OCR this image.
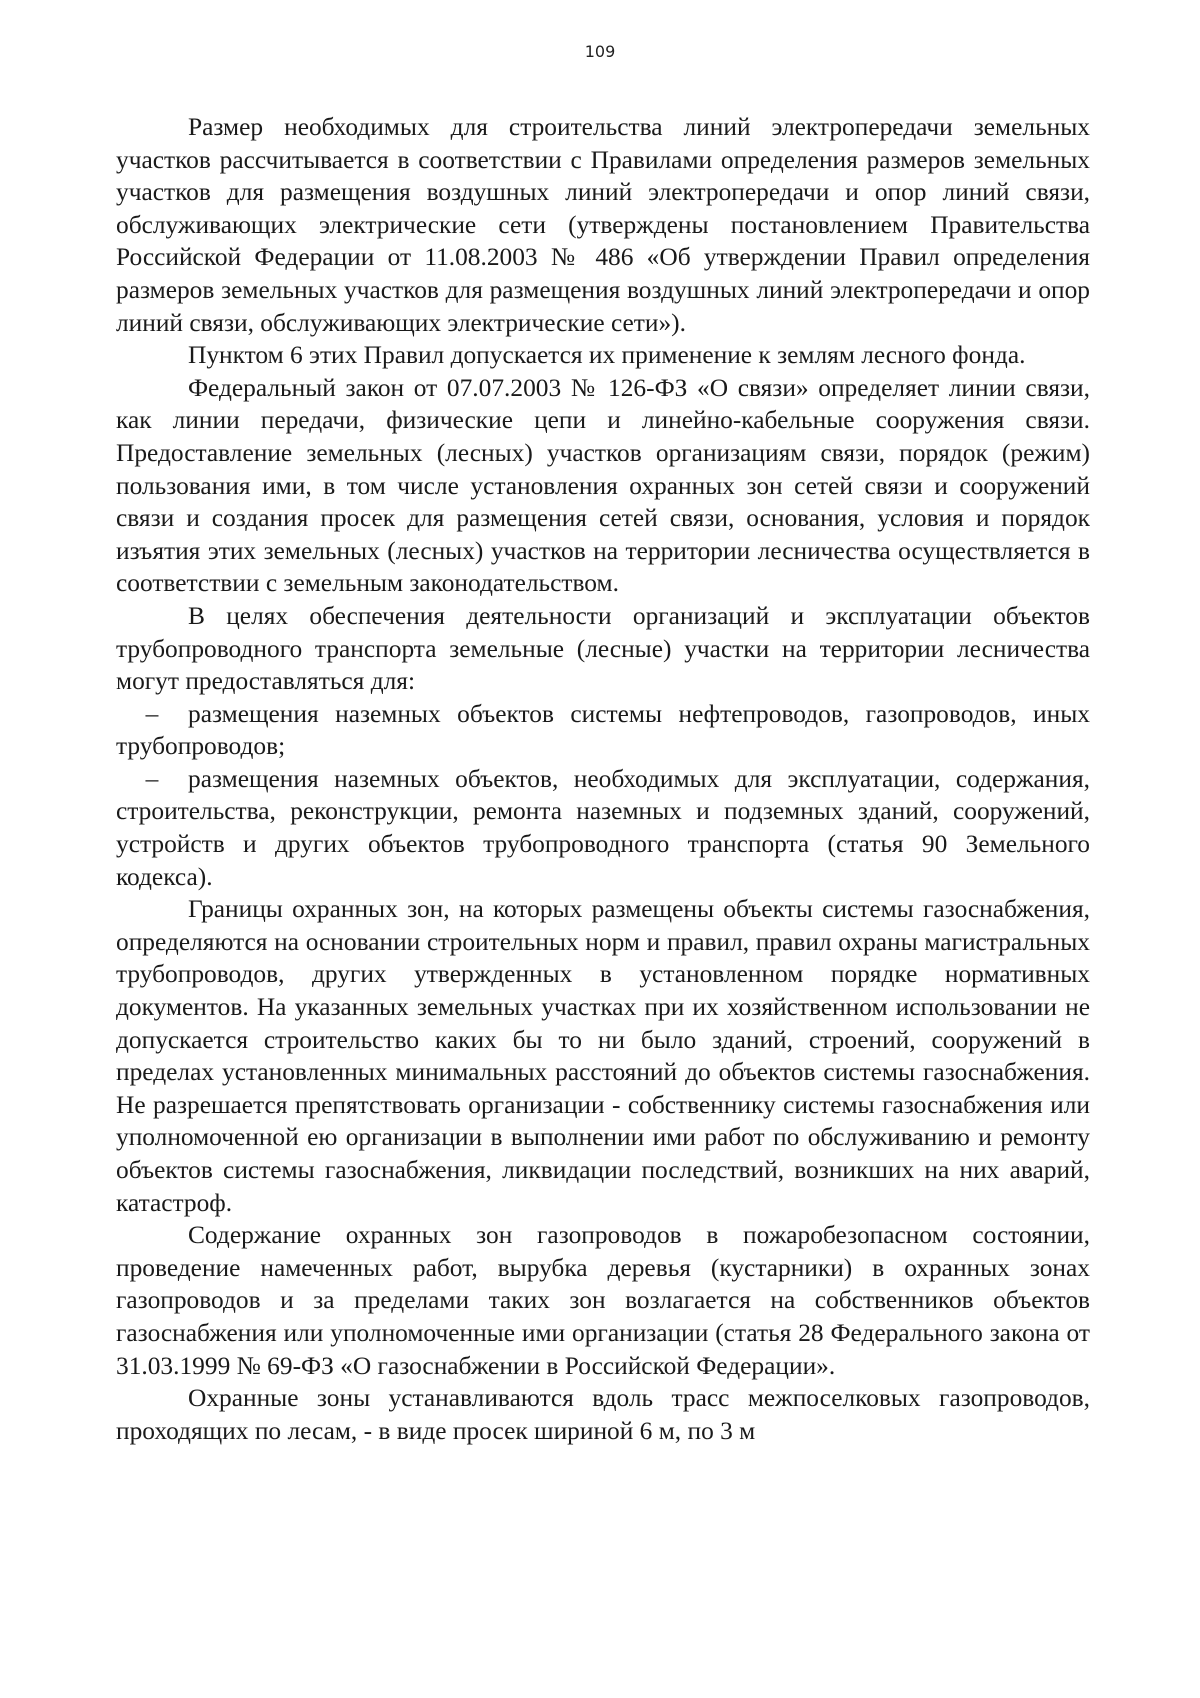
109

Размер необходимых для строительства линий электропередачи земельных участков рассчитывается в соответствии с Правилами определения размеров земельных участков для размещения воздушных линий электропередачи и опор линий связи, обслуживающих электрические сети (утверждены постановлением Правительства Российской Федерации от 11.08.2003 № 486 «Об утверждении Правил определения размеров земельных участков для размещения воздушных линий электропередачи и опор линий связи, обслуживающих электрические сети»).

Пунктом 6 этих Правил допускается их применение к землям лесного фонда.

Федеральный закон от 07.07.2003 № 126-ФЗ «О связи» определяет линии связи, как линии передачи, физические цепи и линейно-кабельные сооружения связи. Предоставление земельных (лесных) участков организациям связи, порядок (режим) пользования ими, в том числе установления охранных зон сетей связи и сооружений связи и создания просек для размещения сетей связи, основания, условия и порядок изъятия этих земельных (лесных) участков на территории лесничества осуществляется в соответствии с земельным законодательством.

В целях обеспечения деятельности организаций и эксплуатации объектов трубопроводного транспорта земельные (лесные) участки на территории лесничества могут предоставляться для:

– размещения наземных объектов системы нефтепроводов, газопроводов, иных трубопроводов;

– размещения наземных объектов, необходимых для эксплуатации, содержания, строительства, реконструкции, ремонта наземных и подземных зданий, сооружений, устройств и других объектов трубопроводного транспорта (статья 90 Земельного кодекса).

Границы охранных зон, на которых размещены объекты системы газоснабжения, определяются на основании строительных норм и правил, правил охраны магистральных трубопроводов, других утвержденных в установленном порядке нормативных документов. На указанных земельных участках при их хозяйственном использовании не допускается строительство каких бы то ни было зданий, строений, сооружений в пределах установленных минимальных расстояний до объектов системы газоснабжения. Не разрешается препятствовать организации - собственнику системы газоснабжения или уполномоченной ею организации в выполнении ими работ по обслуживанию и ремонту объектов системы газоснабжения, ликвидации последствий, возникших на них аварий, катастроф.

Содержание охранных зон газопроводов в пожаробезопасном состоянии, проведение намеченных работ, вырубка деревья (кустарники) в охранных зонах газопроводов и за пределами таких зон возлагается на собственников объектов газоснабжения или уполномоченные ими организации (статья 28 Федерального закона от 31.03.1999 № 69-ФЗ «О газоснабжении в Российской Федерации».

Охранные зоны устанавливаются вдоль трасс межпоселковых газопроводов, проходящих по лесам, - в виде просек шириной 6 м, по 3 м
